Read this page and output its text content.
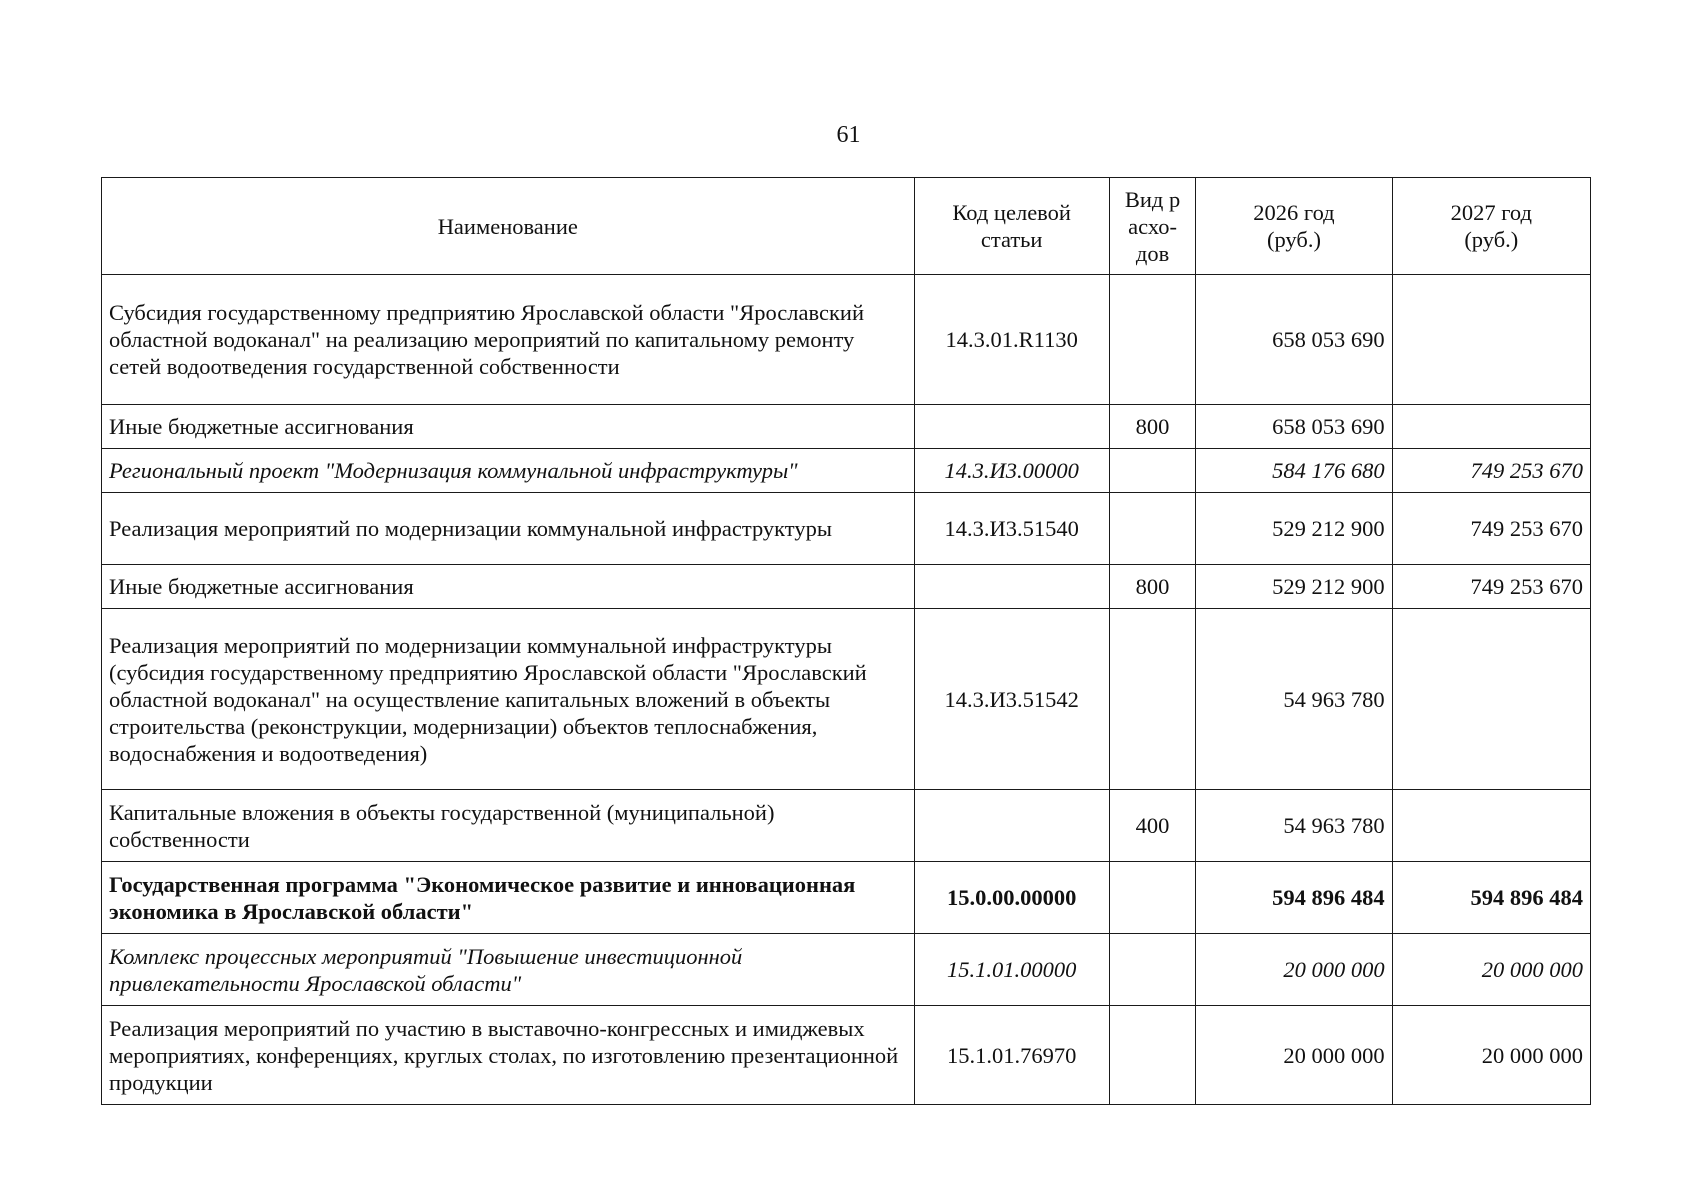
61
Наименование	Код целевой статьи	Вид расхо-дов	2026 год (руб.)	2027 год (руб.)
Субсидия государственному предприятию Ярославской области "Ярославский областной водоканал" на реализацию мероприятий по капитальному ремонту сетей водоотведения государственной собственности	14.3.01.R1130		658 053 690	
Иные бюджетные ассигнования		800	658 053 690	
Региональный проект "Модернизация коммунальной инфраструктуры"	14.3.И3.00000		584 176 680	749 253 670
Реализация мероприятий по модернизации коммунальной инфраструктуры	14.3.И3.51540		529 212 900	749 253 670
Иные бюджетные ассигнования		800	529 212 900	749 253 670
Реализация мероприятий по модернизации коммунальной инфраструктуры (субсидия государственному предприятию Ярославской области "Ярославский областной водоканал" на осуществление капитальных вложений в объекты строительства (реконструкции, модернизации) объектов теплоснабжения, водоснабжения и водоотведения)	14.3.И3.51542		54 963 780	
Капитальные вложения в объекты государственной (муниципальной) собственности		400	54 963 780	
Государственная программа "Экономическое развитие и инновационная экономика в Ярославской области"	15.0.00.00000		594 896 484	594 896 484
Комплекс процессных мероприятий "Повышение инвестиционной привлекательности Ярославской области"	15.1.01.00000		20 000 000	20 000 000
Реализация мероприятий по участию в выставочно-конгрессных и имиджевых мероприятиях, конференциях, круглых столах, по изготовлению презентационной продукции	15.1.01.76970		20 000 000	20 000 000
